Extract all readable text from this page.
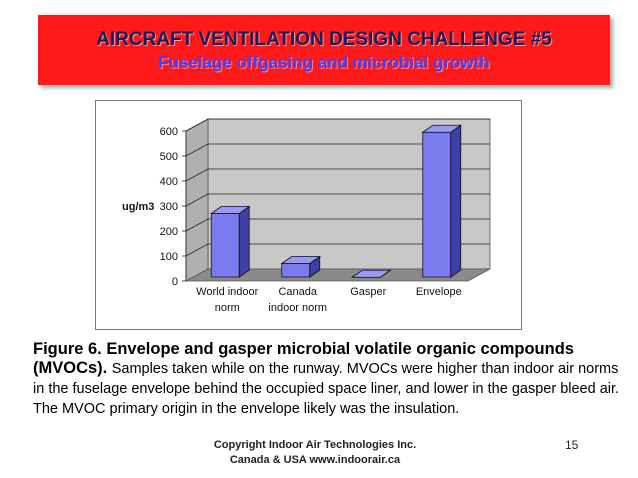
AIRCRAFT VENTILATION DESIGN CHALLENGE #5
Fuselage offgasing and microbial growth
0
100
200
300
400
500
600
ug/m3
World indoor
norm
Canada
indoor norm
Gasper	Envelope
Figure 6. Envelope and gasper microbial volatile organic compounds (MVOCs). Samples taken while on the runway. MVOCs were higher than indoor air norms in the fuselage envelope behind the occupied space liner, and lower in the gasper bleed air. The MVOC primary origin in the envelope likely was the insulation.
Copyright Indoor Air Technologies Inc.
Canada & USA www.indoorair.ca
15
